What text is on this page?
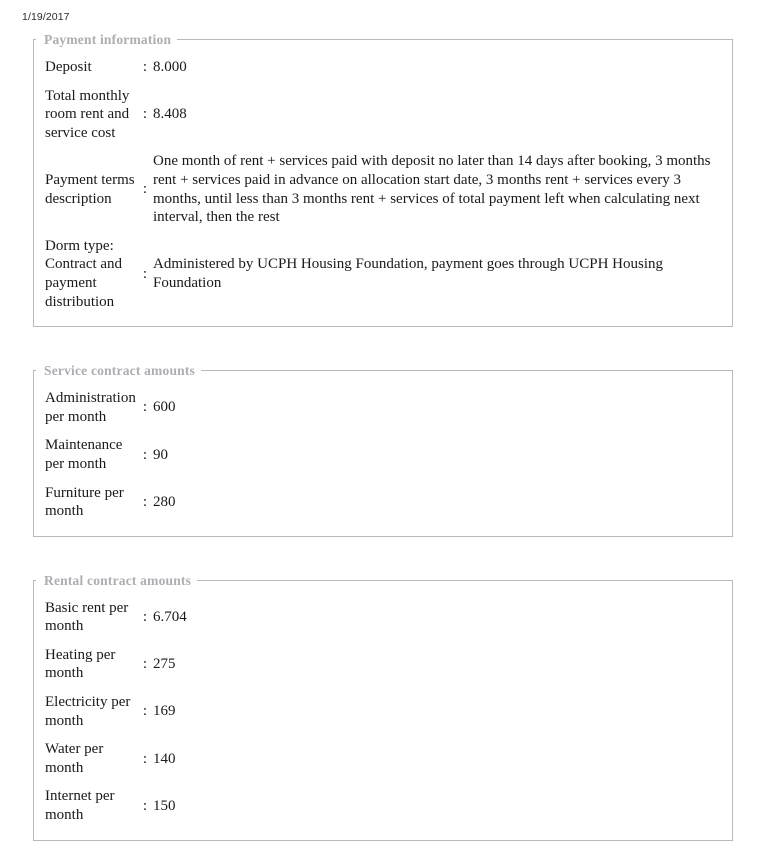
1/19/2017
Payment information
Deposit	: 8.000
Total monthly room rent and service cost
: 8.408
Payment terms description
:
One month of rent + services paid with deposit no later than 14 days after booking, 3 months rent + services paid in advance on allocation start date, 3 months rent + services every 3 months, until less than 3 months rent + services of total payment left when calculating next interval, then the rest
Dorm type: Contract and payment distribution
:
Administered by UCPH Housing Foundation, payment goes through UCPH Housing Foundation
Service contract amounts
Administration per month
: 600
Maintenance per month
: 90
Furniture per month
: 280
Rental contract amounts
Basic rent per month
: 6.704
Heating per month
: 275
Electricity per month
: 169
Water per month
: 140
Internet per month
: 150
